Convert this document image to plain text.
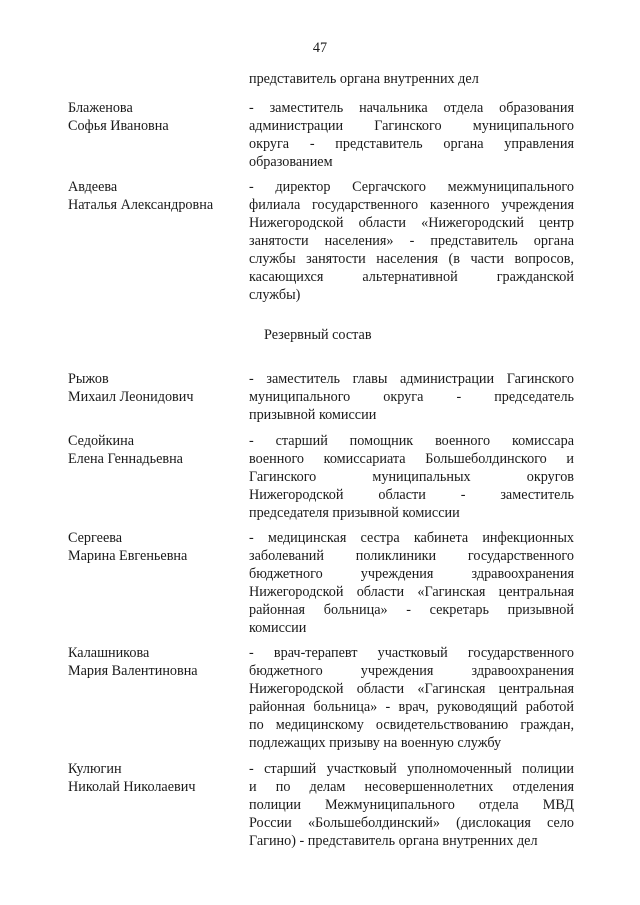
47
представитель органа внутренних дел
Блаженова
Софья Ивановна
- заместитель начальника отдела образования
администрации Гагинского муниципального
округа - представитель органа управления
образованием
Авдеева
Наталья Александровна
- директор Сергачского межмуниципального
филиала государственного казенного учреждения
Нижегородской области «Нижегородский центр
занятости населения» - представитель органа
службы занятости населения (в части вопросов,
касающихся альтернативной гражданской
службы)
Резервный состав
Рыжов
Михаил Леонидович
- заместитель главы администрации Гагинского
муниципального округа - председатель
призывной комиссии
Седойкина
Елена Геннадьевна
- старший помощник военного комиссара
военного комиссариата Большеболдинского и
Гагинского муниципальных округов
Нижегородской области - заместитель
председателя призывной комиссии
Сергеева
Марина Евгеньевна
- медицинская сестра кабинета инфекционных
заболеваний поликлиники государственного
бюджетного учреждения здравоохранения
Нижегородской области «Гагинская центральная
районная больница» - секретарь призывной
комиссии
Калашникова
Мария Валентиновна
- врач-терапевт участковый государственного
бюджетного учреждения здравоохранения
Нижегородской области «Гагинская центральная
районная больница» - врач, руководящий работой
по медицинскому освидетельствованию граждан,
подлежащих призыву на военную службу
Кулюгин
Николай Николаевич
- старший участковый уполномоченный полиции
и по делам несовершеннолетних отделения
полиции Межмуниципального отдела МВД
России «Большеболдинский» (дислокация село
Гагино) - представитель органа внутренних дел
